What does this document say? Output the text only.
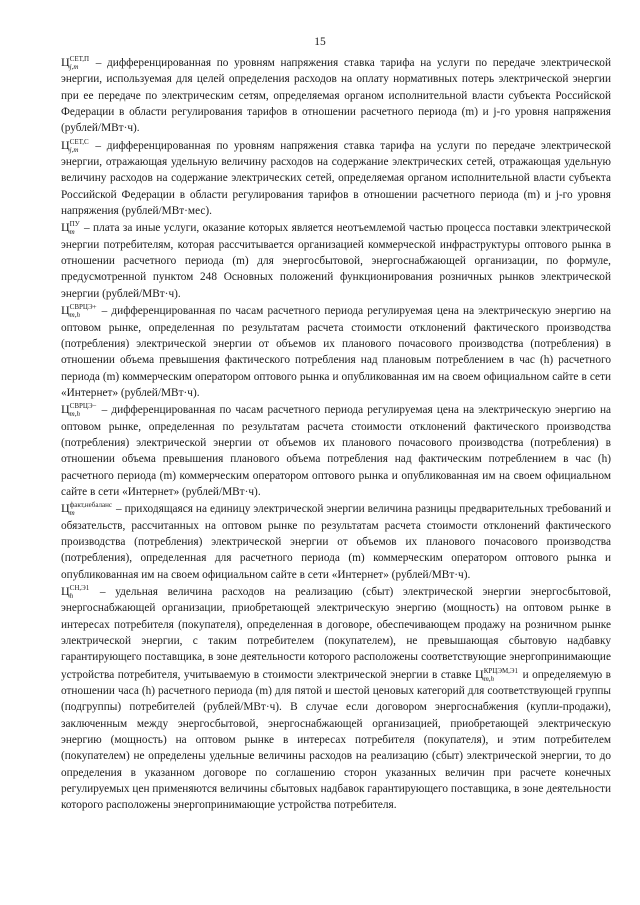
15

Ц СЕТ,П
j,m	– дифференцированная по уровням напряжения ставка тарифа на услуги по передаче электрической энергии, используемая для целей определения расходов на оплату нормативных потерь электрической энергии при ее передаче по электрическим сетям, определяемая органом исполнительной власти субъекта Российской Федерации в области регулирования тарифов в отношении расчетного периода (m) и j-го уровня напряжения (рублей/МВт·ч).

Ц СЕТ,С
j,m	– дифференцированная по уровням напряжения ставка тарифа на услуги по передаче электрической энергии, отражающая удельную величину расходов на содержание электрических сетей, отражающая удельную величину расходов на содержание электрических сетей, определяемая органом исполнительной власти субъекта Российской Федерации в области регулирования тарифов в отношении расчетного периода (m) и j-го уровня напряжения (рублей/МВт·мес).

Ц ПУ
m – плата за иные услуги, оказание которых является неотъемлемой частью процесса поставки электрической энергии потребителям, которая рассчитывается организацией коммерческой инфраструктуры оптового рынка в отношении расчетного периода (m) для энергосбытовой, энергоснабжающей организации, по формуле, предусмотренной пунктом 248 Основных положений функционирования розничных рынков электрической энергии (рублей/МВт·ч).

Ц СВРЦЭ+
m,h	– дифференцированная по часам расчетного периода регулируемая цена на электрическую энергию на оптовом рынке, определенная по результатам расчета стоимости отклонений фактического производства (потребления) электрической энергии от объемов их планового почасового производства (потребления) в отношении объема превышения фактического потребления над плановым потреблением в час (h) расчетного периода (m) коммерческим оператором оптового рынка и опубликованная им на своем официальном сайте в сети «Интернет» (рублей/МВт·ч).

Ц СВРЦЭ−
m,h	– дифференцированная по часам расчетного периода регулируемая цена на электрическую энергию на оптовом рынке, определенная по результатам расчета стоимости отклонений фактического производства (потребления) электрической энергии от объемов их планового почасового производства (потребления) в отношении объема превышения планового объема потребления над фактическим потреблением в час (h) расчетного периода (m) коммерческим оператором оптового рынка и опубликованная им на своем официальном сайте в сети «Интернет» (рублей/МВт·ч).

Ц факт,небаланс
m	– приходящаяся на единицу электрической энергии величина разницы предварительных требований и обязательств, рассчитанных на оптовом рынке по результатам расчета стоимости отклонений фактического производства (потребления) электрической энергии от объемов их планового почасового производства (потребления), определенная для расчетного периода (m) коммерческим оператором оптового рынка и опубликованная им на своем официальном сайте в сети «Интернет» (рублей/МВт·ч).

Ц СН,Э1
h	– удельная величина расходов на реализацию (сбыт) электрической энергии энергосбытовой, энергоснабжающей организации, приобретающей электрическую энергию (мощность) на оптовом рынке в интересах потребителя (покупателя), определенная в договоре, обеспечивающем продажу на розничном рынке электрической энергии, с таким потребителем (покупателем), не превышающая сбытовую надбавку гарантирующего поставщика, в зоне деятельности которого расположены соответствующие энергопринимающие устройства потребителя, учитываемую в стоимости электрической энергии в ставке Ц КРЦЭМ,Э1
m,h	и определяемую в отношении часа (h) расчетного периода (m) для пятой и шестой ценовых категорий для соответствующей группы (подгруппы) потребителей (рублей/МВт·ч). В случае если договором энергоснабжения (купли-продажи), заключенным между энергосбытовой, энергоснабжающей организацией, приобретающей электрическую энергию (мощность) на оптовом рынке в интересах потребителя (покупателя), и этим потребителем (покупателем) не определены удельные величины расходов на реализацию (сбыт) электрической энергии, то до определения в указанном договоре по соглашению сторон указанных величин при расчете конечных регулируемых цен применяются величины сбытовых надбавок гарантирующего поставщика, в зоне деятельности которого расположены энергопринимающие устройства потребителя.
